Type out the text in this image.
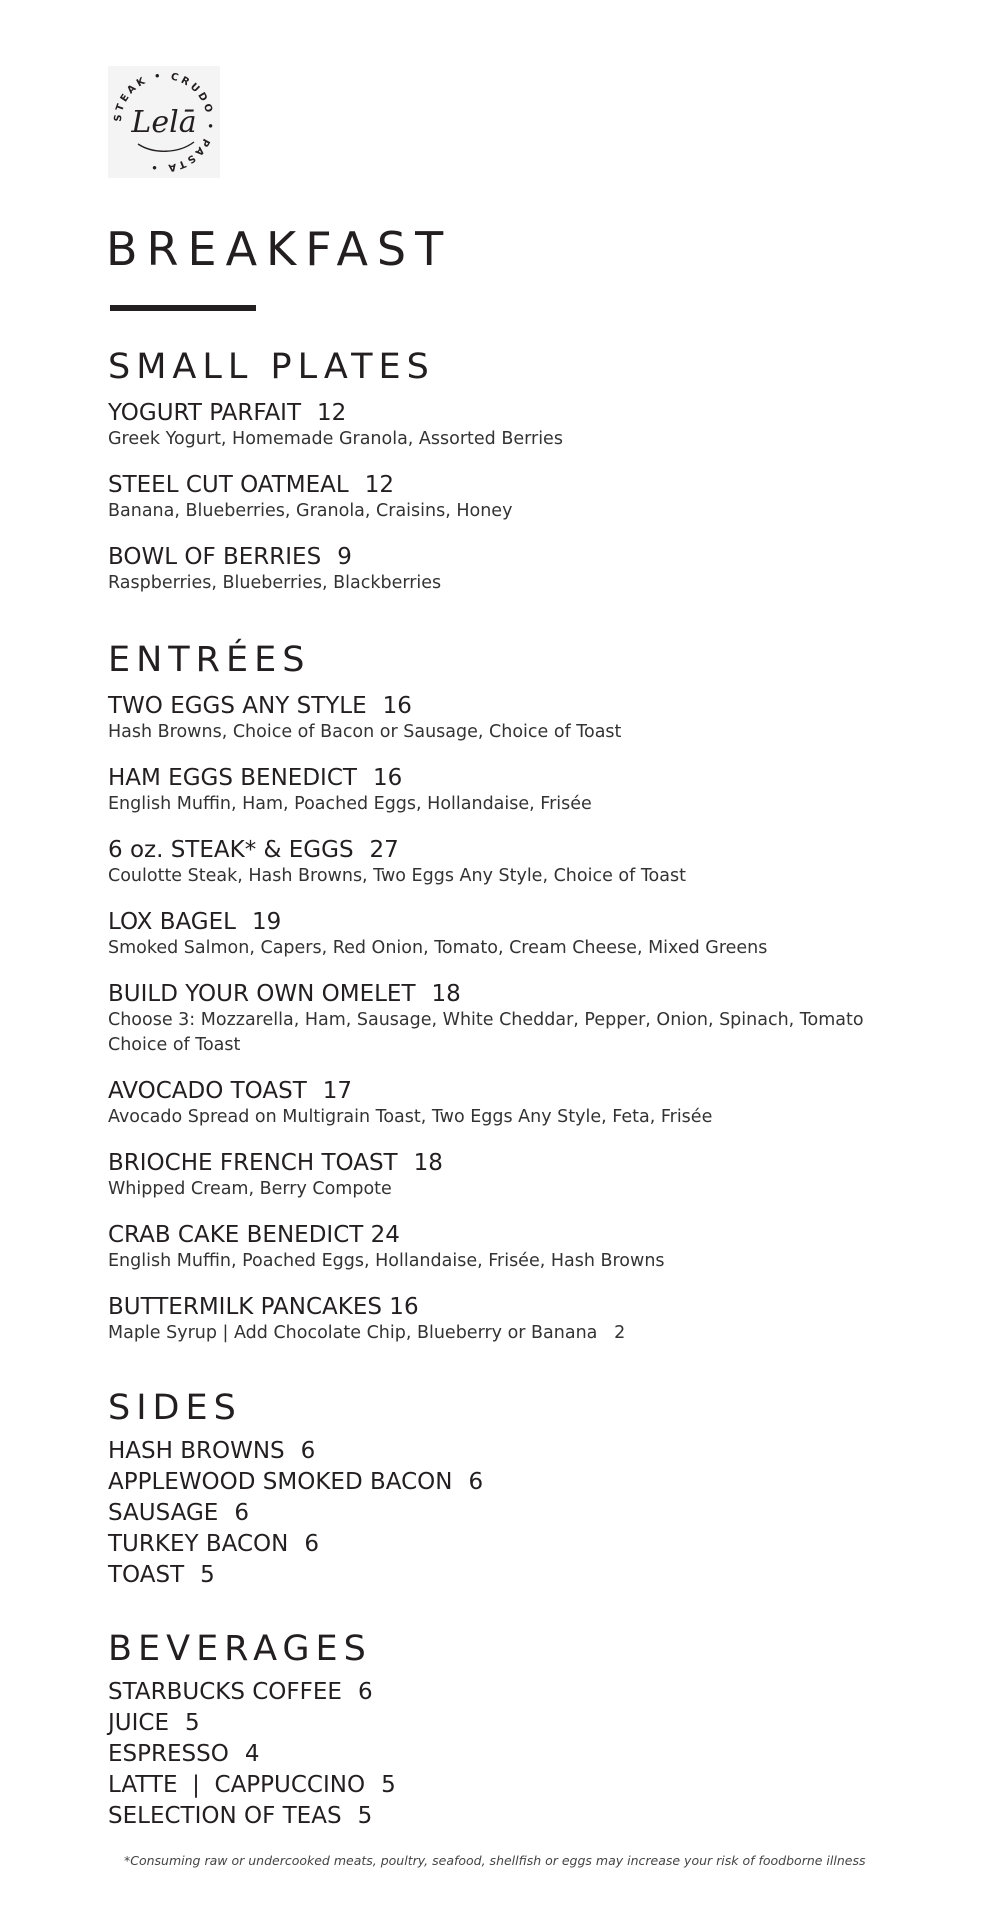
STEAK • CRUDO • PASTA •
Lelā
BREAKFAST
SMALL PLATES
YOGURT PARFAIT 12
Greek Yogurt, Homemade Granola, Assorted Berries
STEEL CUT OATMEAL 12
Banana, Blueberries, Granola, Craisins, Honey
BOWL OF BERRIES 9
Raspberries, Blueberries, Blackberries
ENTRÉES
TWO EGGS ANY STYLE 16
Hash Browns, Choice of Bacon or Sausage, Choice of Toast
HAM EGGS BENEDICT 16
English Muffin, Ham, Poached Eggs, Hollandaise, Frisée
6 oz. STEAK* & EGGS 27
Coulotte Steak, Hash Browns, Two Eggs Any Style, Choice of Toast
LOX BAGEL 19
Smoked Salmon, Capers, Red Onion, Tomato, Cream Cheese, Mixed Greens
BUILD YOUR OWN OMELET 18
Choose 3: Mozzarella, Ham, Sausage, White Cheddar, Pepper, Onion, Spinach, Tomato
Choice of Toast
AVOCADO TOAST 17
Avocado Spread on Multigrain Toast, Two Eggs Any Style, Feta, Frisée
BRIOCHE FRENCH TOAST 18
Whipped Cream, Berry Compote
CRAB CAKE BENEDICT 24
English Muffin, Poached Eggs, Hollandaise, Frisée, Hash Browns
BUTTERMILK PANCAKES 16
Maple Syrup | Add Chocolate Chip, Blueberry or Banana   2
SIDES
HASH BROWNS 6
APPLEWOOD SMOKED BACON 6
SAUSAGE 6
TURKEY BACON 6
TOAST 5
BEVERAGES
STARBUCKS COFFEE 6
JUICE 5
ESPRESSO 4
LATTE  |  CAPPUCCINO 5
SELECTION OF TEAS 5
*Consuming raw or undercooked meats, poultry, seafood, shellfish or eggs may increase your risk of foodborne illness
